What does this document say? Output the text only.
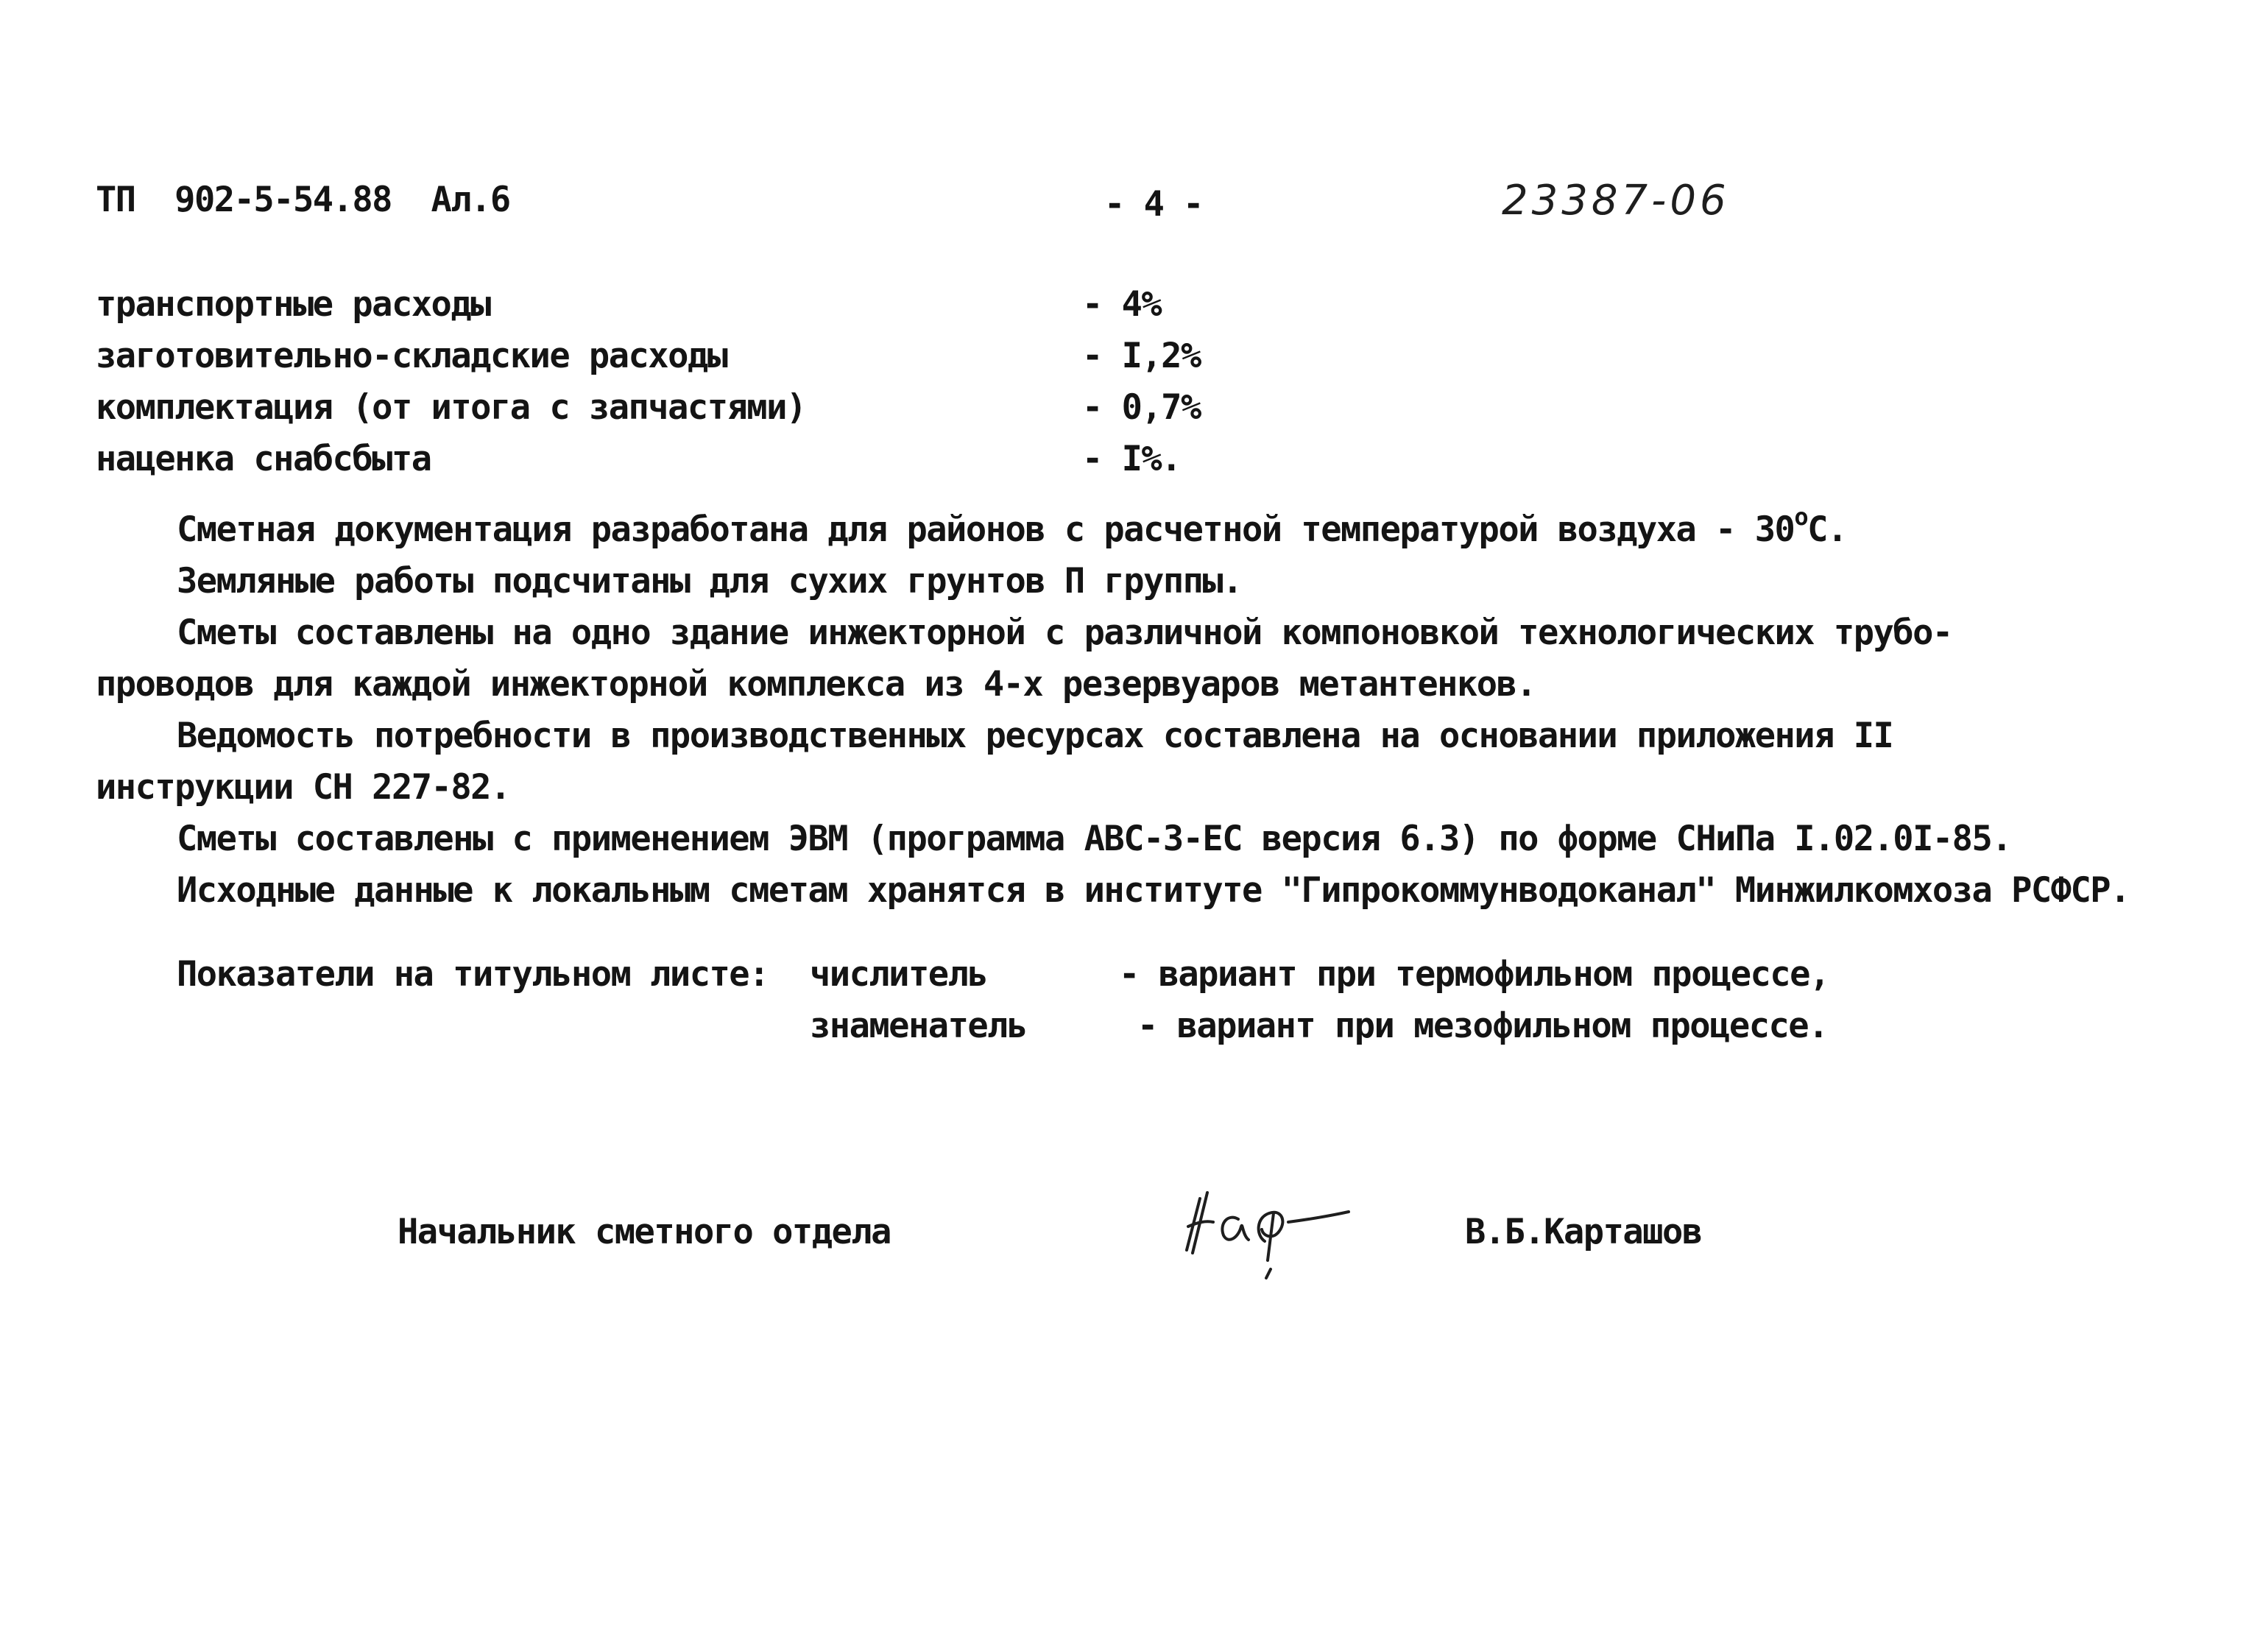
ТП  902-5-54.88  Ал.6	- 4 -	23387-06
транспортные расходы	- 4%
заготовительно-складские расходы	- I,2%
комплектация (от итога с запчастями)	- 0,7%
наценка снабсбыта	- I%.
Сметная документация разработана для районов с расчетной температурой воздуха - $30^оС$.
Земляные работы подсчитаны для сухих грунтов П группы.
Сметы составлены на одно здание инжекторной с различной компоновкой технологических трубо-
проводов для каждой инжекторной комплекса из 4-х резервуаров метантенков.
Ведомость потребности в производственных ресурсах составлена на основании приложения II
инструкции СН 227-82.
Сметы составлены с применением ЭВМ (программа АВС-3-ЕС версия 6.3) по форме СНиПа I.02.0I-85.
Исходные данные к локальным сметам хранятся в институте "Гипрокоммунводоканал" Минжилкомхоза РСФСР.
Показатели на титульном листе: числитель	- вариант при термофильном процессе,
знаменатель	- вариант при мезофильном процессе.
Начальник сметного отдела	В.Б.Карташов
